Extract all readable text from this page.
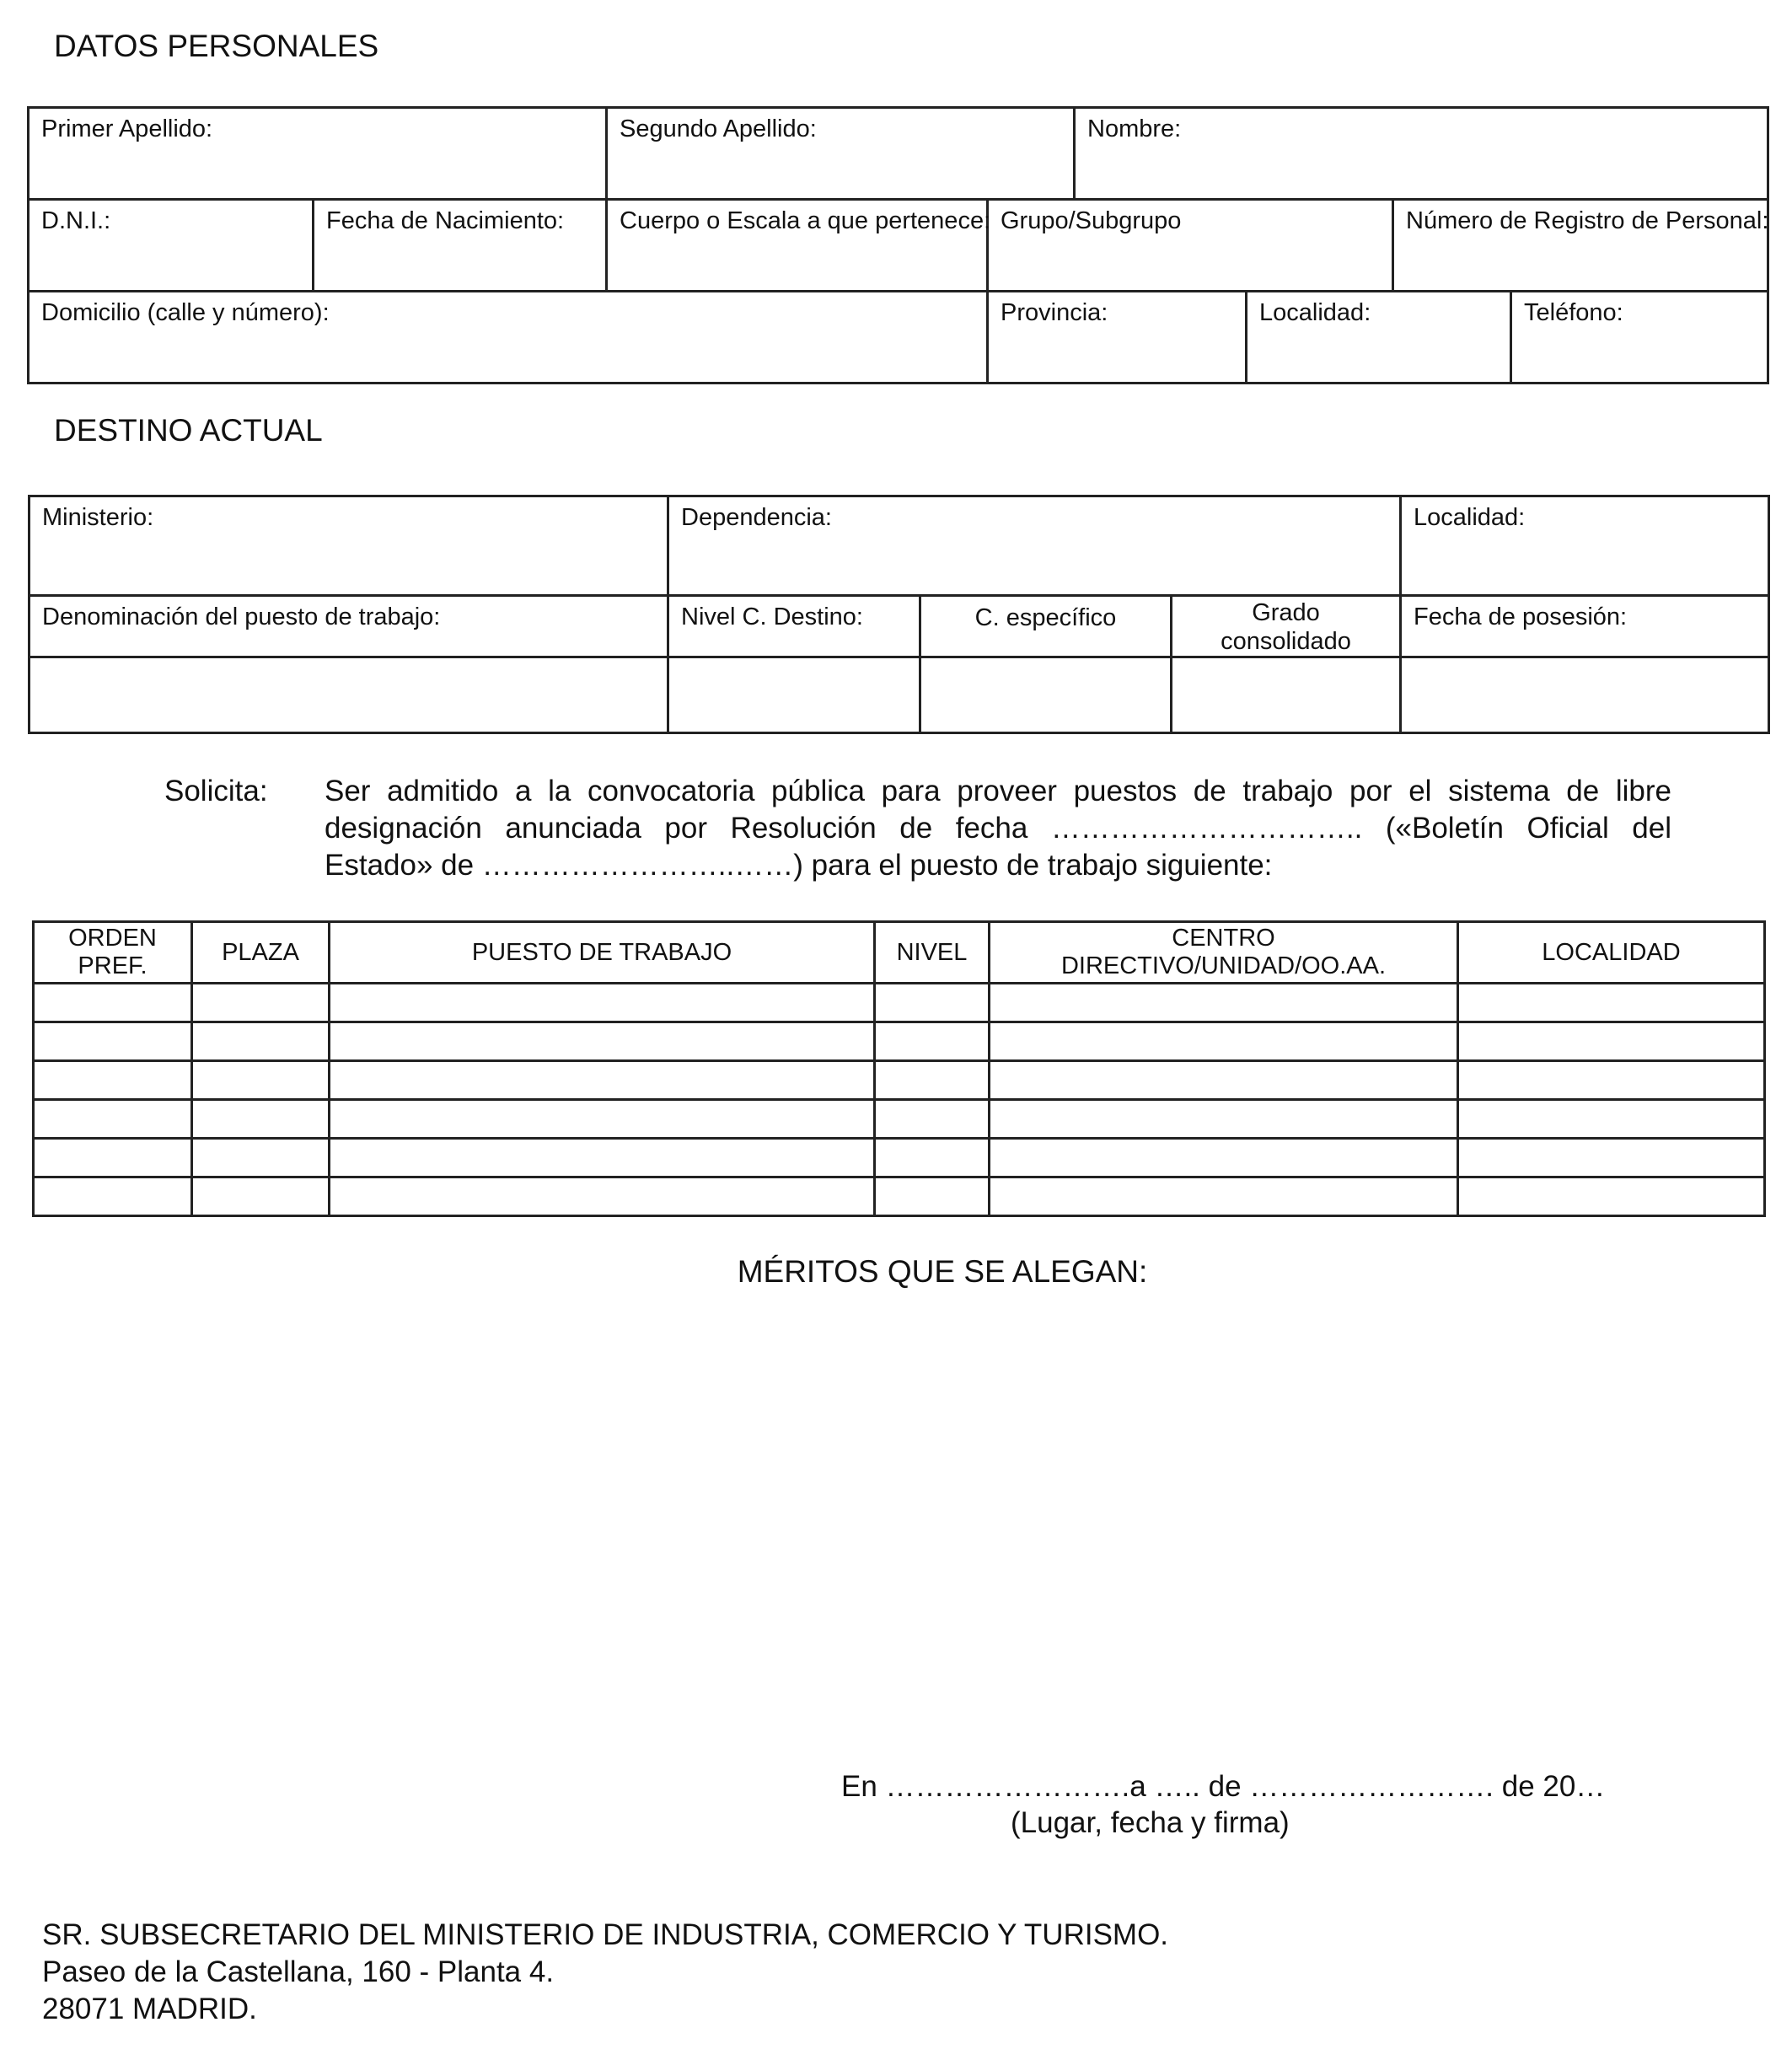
DATOS PERSONALES
Primer Apellido:		Segundo Apellido:		Nombre:			

D.N.I.:	Fecha de Nacimiento:	Cuerpo o Escala a que pertenece:	Grupo/Subgrupo			Número de Registro de Personal:	

Domicilio (calle y número):			Provincia:		Localidad:		Teléfono:
DESTINO ACTUAL
Ministerio:	Dependencia:			Localidad:

Denominación del puesto de trabajo:	Nivel C. Destino:	C. específico	Grado consolidado	Fecha de posesión:

Solicita: Ser admitido a la convocatoria pública para proveer puestos de trabajo por el sistema de libre
designación anunciada por Resolución de fecha ………………………….. («Boletín Oficial del
Estado» de ……………………..……) para el puesto de trabajo siguiente:
ORDEN PREF.	PLAZA	PUESTO DE TRABAJO	NIVEL	CENTRO DIRECTIVO/UNIDAD/OO.AA.	LOCALIDAD

MÉRITOS QUE SE ALEGAN:
En …………………….a ….. de ……………………. de 20…
(Lugar, fecha y firma)
SR. SUBSECRETARIO DEL MINISTERIO DE INDUSTRIA, COMERCIO Y TURISMO.
Paseo de la Castellana, 160 - Planta 4.
28071 MADRID.
